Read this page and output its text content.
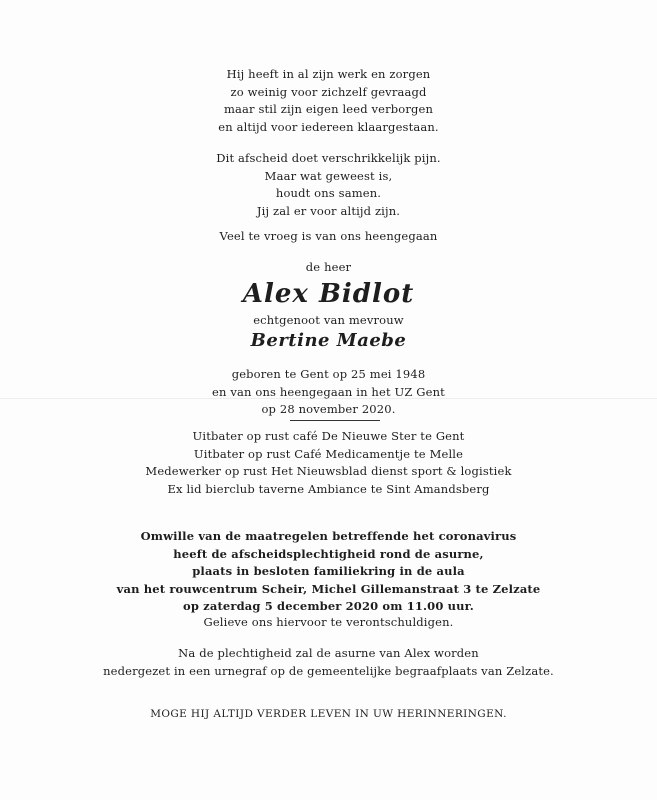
Hij heeft in al zijn werk en zorgen

zo weinig voor zichzelf gevraagd

maar stil zijn eigen leed verborgen

en altijd voor iedereen klaargestaan.

Dit afscheid doet verschrikkelijk pijn.

Maar wat geweest is,

houdt ons samen.

Jij zal er voor altijd zijn.

Veel te vroeg is van ons heengegaan

de heer

Alex Bidlot

echtgenoot van mevrouw

Bertine Maebe

geboren te Gent op 25 mei 1948

en van ons heengegaan in het UZ Gent

op 28 november 2020.

Uitbater op rust café De Nieuwe Ster te Gent

Uitbater op rust Café Medicamentje te Melle

Medewerker op rust Het Nieuwsblad dienst sport & logistiek

Ex lid bierclub taverne Ambiance te Sint Amandsberg

Omwille van de maatregelen betreffende het coronavirus

heeft de afscheidsplechtigheid rond de asurne,

plaats in besloten familiekring in de aula

van het rouwcentrum Scheir, Michel Gillemanstraat 3 te Zelzate

op zaterdag 5 december 2020 om 11.00 uur.

Gelieve ons hiervoor te verontschuldigen.

Na de plechtigheid zal de asurne van Alex worden

nedergezet in een urnegraf op de gemeentelijke begraafplaats van Zelzate.

MOGE HIJ ALTIJD VERDER LEVEN IN UW HERINNERINGEN.
